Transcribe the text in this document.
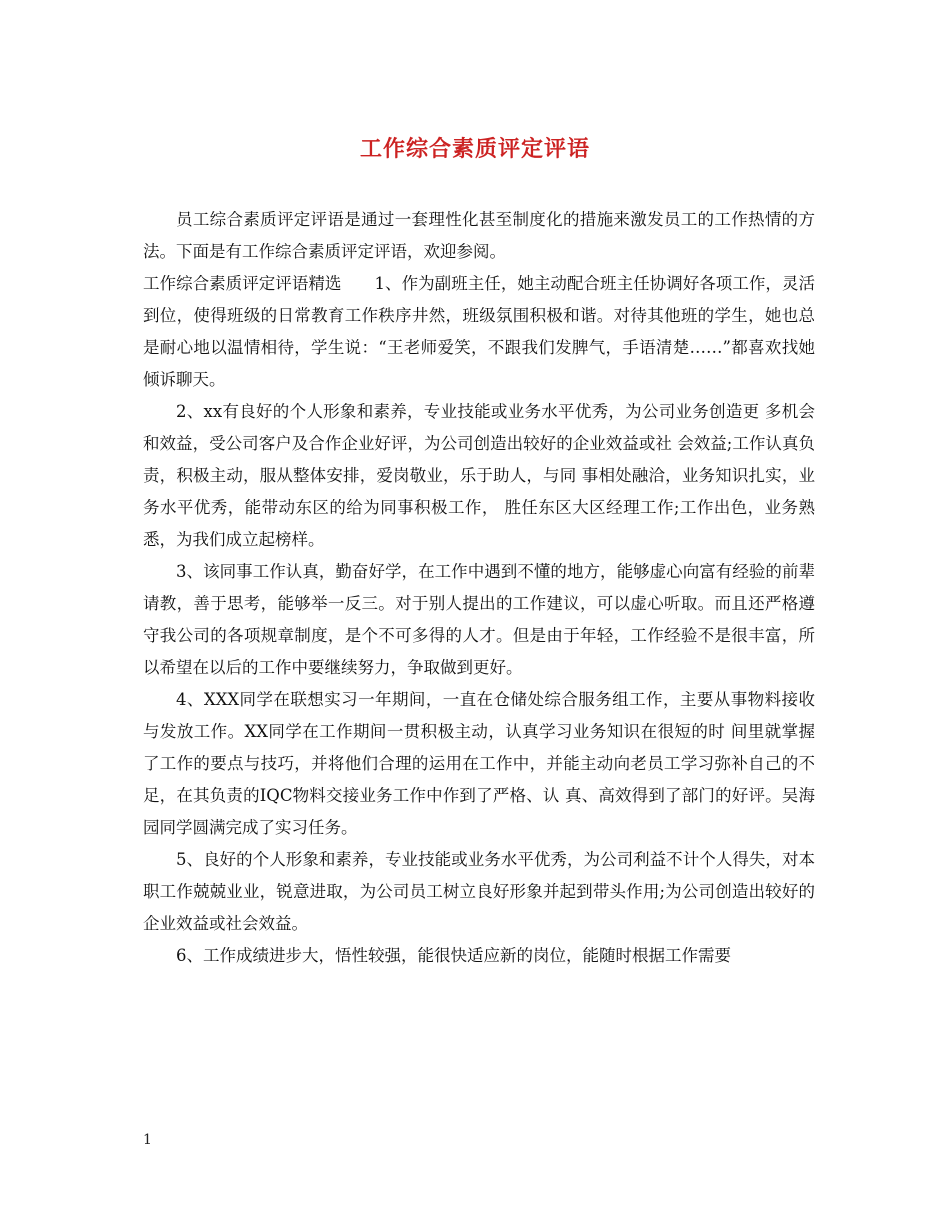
工作综合素质评定评语

员工综合素质评定评语是通过一套理性化甚至制度化的措施来激发员工的工作热情的方法。下面是有工作综合素质评定评语，欢迎参阅。

工作综合素质评定评语精选　　1、作为副班主任，她主动配合班主任协调好各项工作，灵活到位，使得班级的日常教育工作秩序井然，班级氛围积极和谐。对待其他班的学生，她也总是耐心地以温情相待，学生说：“王老师爱笑，不跟我们发脾气，手语清楚……”都喜欢找她倾诉聊天。

2、xx有良好的个人形象和素养，专业技能或业务水平优秀，为公司业务创造更 多机会和效益，受公司客户及合作企业好评，为公司创造出较好的企业效益或社 会效益;工作认真负责，积极主动，服从整体安排，爱岗敬业，乐于助人，与同 事相处融洽，业务知识扎实，业务水平优秀，能带动东区的给为同事积极工作， 胜任东区大区经理工作;工作出色，业务熟悉，为我们成立起榜样。

3、该同事工作认真，勤奋好学，在工作中遇到不懂的地方，能够虚心向富有经验的前辈请教，善于思考，能够举一反三。对于别人提出的工作建议，可以虚心听取。而且还严格遵守我公司的各项规章制度，是个不可多得的人才。但是由于年轻，工作经验不是很丰富，所以希望在以后的工作中要继续努力，争取做到更好。

4、XXX同学在联想实习一年期间，一直在仓储处综合服务组工作，主要从事物料接收与发放工作。XX同学在工作期间一贯积极主动，认真学习业务知识在很短的时 间里就掌握　了工作的要点与技巧，并将他们合理的运用在工作中，并能主动向老员工学习弥补自己的不足，在其负责的IQC物料交接业务工作中作到了严格、认 真、高效得到了部门的好评。吴海园同学圆满完成了实习任务。

5、良好的个人形象和素养，专业技能或业务水平优秀，为公司利益不计个人得失，对本职工作兢兢业业，锐意进取，为公司员工树立良好形象并起到带头作用;为公司创造出较好的企业效益或社会效益。

6、工作成绩进步大，悟性较强，能很快适应新的岗位，能随时根据工作需要

1
